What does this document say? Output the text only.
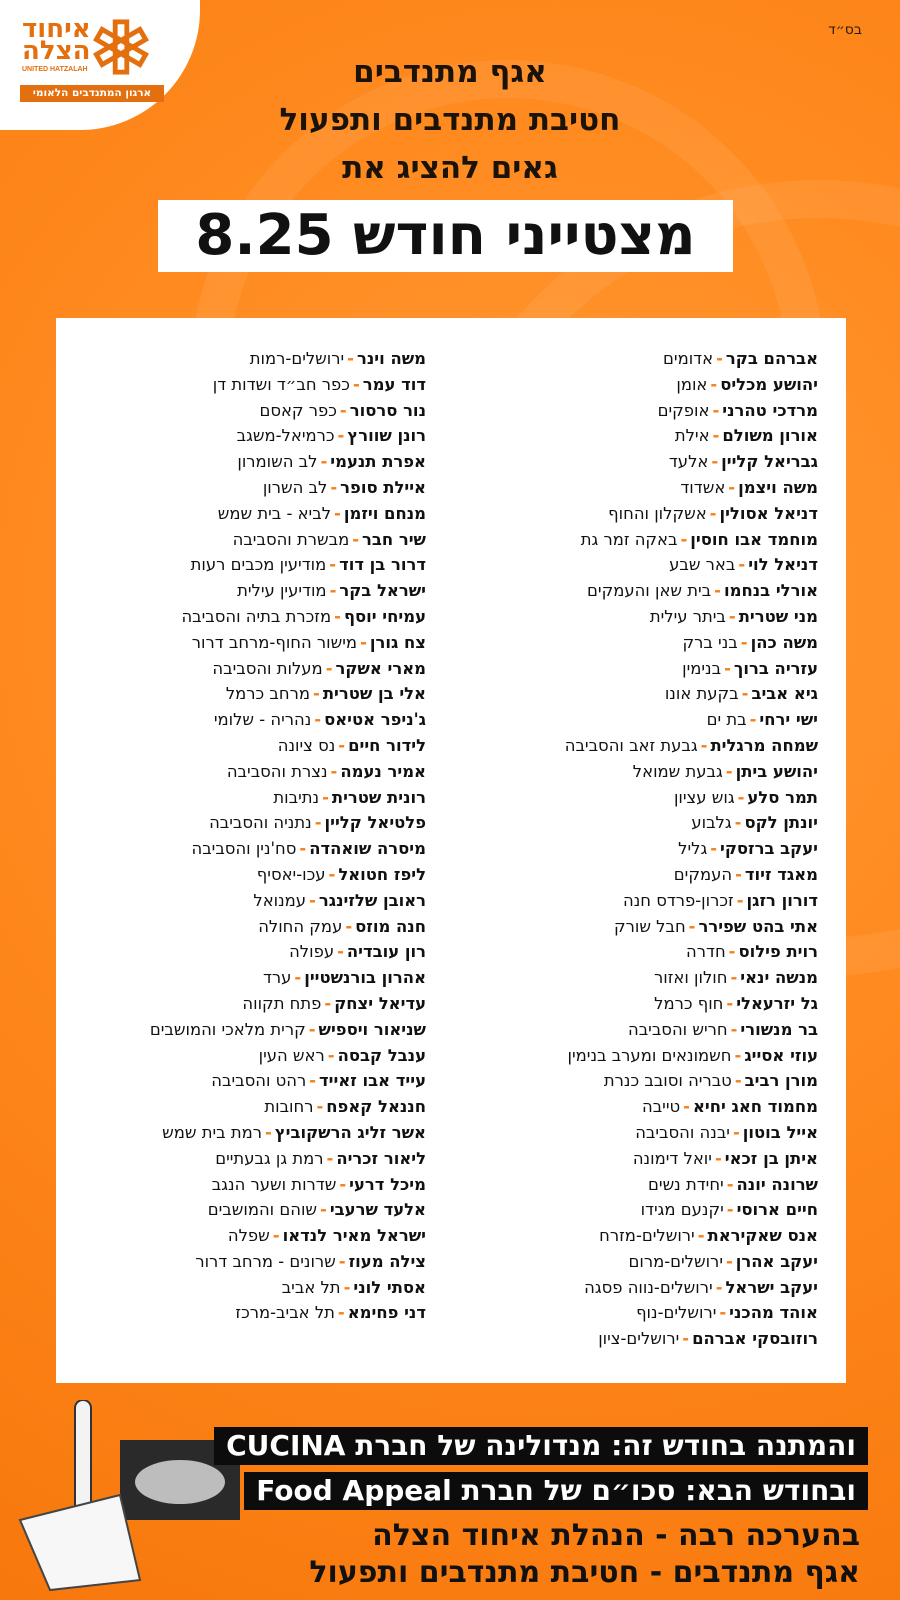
איחוד הצלה
UNITED HATZALAH
ארגון המתנדבים הלאומי
בס״ד
אגף מתנדבים
חטיבת מתנדבים ותפעול
גאים להציג את
מצטייני חודש 8.25
אברהם בקר-אדומים
יהושע מכליס-אומן
מרדכי טהרני-אופקים
אורון משולם-אילת
גבריאל קליין-אלעד
משה ויצמן-אשדוד
דניאל אסולין-אשקלון והחוף
מוחמד אבו חוסין-באקה זמר גת
דניאל לוי-באר שבע
אורלי בנחמו-בית שאן והעמקים
מני שטרית-ביתר עילית
משה כהן-בני ברק
עזריה ברוך-בנימין
גיא אביב-בקעת אונו
ישי ירחי-בת ים
שמחה מרגלית-גבעת זאב והסביבה
יהושע ביתן-גבעת שמואל
תמר סלע-גוש עציון
יונתן לקס-גלבוע
יעקב ברזסקי-גליל
מאגד זיוד-העמקים
דורון רזגן-זכרון-פרדס חנה
אתי בהט שפירר-חבל שורק
רוית פילוס-חדרה
מנשה ינאי-חולון ואזור
גל יזרעאלי-חוף כרמל
בר מנשורי-חריש והסביבה
עוזי אסייג-חשמונאים ומערב בנימין
מורן רביב-טבריה וסובב כנרת
מחמוד חאג יחיא-טייבה
אייל בוטון-יבנה והסביבה
איתן בן זכאי-יואל דימונה
שרונה יונה-יחידת נשים
חיים ארוסי-יקנעם מגידו
אנס שאקיראת-ירושלים-מזרח
יעקב אהרן-ירושלים-מרום
יעקב ישראל-ירושלים-נווה פסגה
אוהד מהכני-ירושלים-נוף
רוזובסקי אברהם-ירושלים-ציון
משה וינר-ירושלים-רמות
דוד עמר-כפר חב״ד ושדות דן
נור סרסור-כפר קאסם
רונן שוורץ-כרמיאל-משגב
אפרת תנעמי-לב השומרון
איילת סופר-לב השרון
מנחם ויזמן-לביא - בית שמש
שיר חבר-מבשרת והסביבה
דרור בן דוד-מודיעין מכבים רעות
ישראל בקר-מודיעין עילית
עמיחי יוסף-מזכרת בתיה והסביבה
צח גורן-מישור החוף-מרחב דרור
מארי אשקר-מעלות והסביבה
אלי בן שטרית-מרחב כרמל
ג'ניפר אטיאס-נהריה - שלומי
לידור חיים-נס ציונה
אמיר נעמה-נצרת והסביבה
רונית שטרית-נתיבות
פלטיאל קליין-נתניה והסביבה
מיסרה שואהדה-סח'נין והסביבה
ליפז חטואל-עכו-יאסיף
ראובן שלזינגר-עמנואל
חנה מוזס-עמק החולה
רון עובדיה-עפולה
אהרון בורנשטיין-ערד
עדיאל יצחק-פתח תקווה
שניאור ויספיש-קרית מלאכי והמושבים
ענבל קבסה-ראש העין
עייד אבו זאייד-רהט והסביבה
חננאל קאפח-רחובות
אשר זליג הרשקוביץ-רמת בית שמש
ליאור זכריה-רמת גן גבעתיים
מיכל דרעי-שדרות ושער הנגב
אלעד שרעבי-שוהם והמושבים
ישראל מאיר לנדאו-שפלה
צילה מעוז-שרונים - מרחב דרור
אסתי לוני-תל אביב
דני פחימא-תל אביב-מרכז
והמתנה בחודש זה: מנדולינה של חברת CUCINA
ובחודש הבא: סכו״ם של חברת Food Appeal
בהערכה רבה - הנהלת איחוד הצלה
אגף מתנדבים - חטיבת מתנדבים ותפעול
